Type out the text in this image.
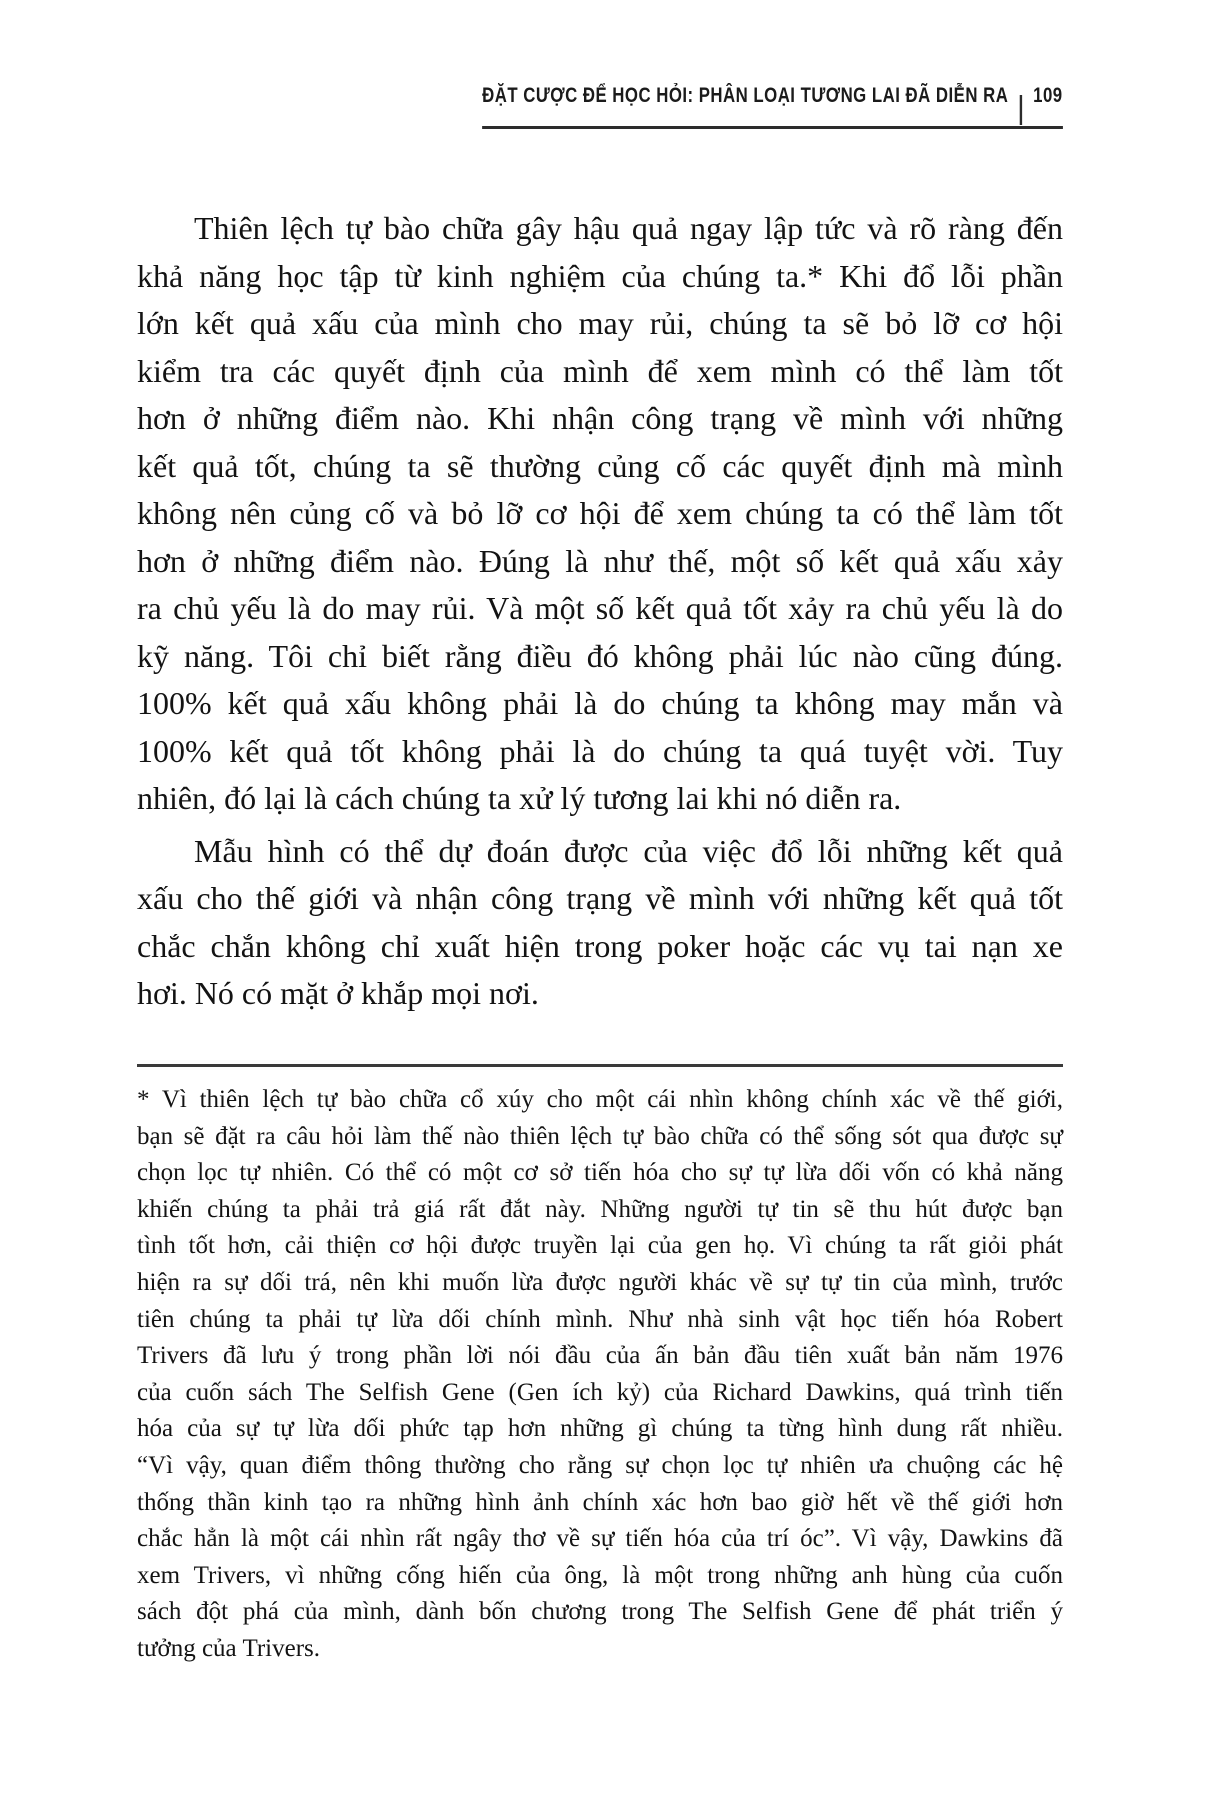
ĐẶT CƯỢC ĐỂ HỌC HỎI: PHÂN LOẠI TƯƠNG LAI ĐÃ DIỄN RA 109

Thiên lệch tự bào chữa gây hậu quả ngay lập tức và rõ ràng đến
khả năng học tập từ kinh nghiệm của chúng ta.* Khi đổ lỗi phần
lớn kết quả xấu của mình cho may rủi, chúng ta sẽ bỏ lỡ cơ hội
kiểm tra các quyết định của mình để xem mình có thể làm tốt
hơn ở những điểm nào. Khi nhận công trạng về mình với những
kết quả tốt, chúng ta sẽ thường củng cố các quyết định mà mình
không nên củng cố và bỏ lỡ cơ hội để xem chúng ta có thể làm tốt
hơn ở những điểm nào. Đúng là như thế, một số kết quả xấu xảy
ra chủ yếu là do may rủi. Và một số kết quả tốt xảy ra chủ yếu là do
kỹ năng. Tôi chỉ biết rằng điều đó không phải lúc nào cũng đúng.
100% kết quả xấu không phải là do chúng ta không may mắn và
100% kết quả tốt không phải là do chúng ta quá tuyệt vời. Tuy
nhiên, đó lại là cách chúng ta xử lý tương lai khi nó diễn ra.

Mẫu hình có thể dự đoán được của việc đổ lỗi những kết quả
xấu cho thế giới và nhận công trạng về mình với những kết quả tốt
chắc chắn không chỉ xuất hiện trong poker hoặc các vụ tai nạn xe
hơi. Nó có mặt ở khắp mọi nơi.

* Vì thiên lệch tự bào chữa cổ xúy cho một cái nhìn không chính xác về thế giới,
bạn sẽ đặt ra câu hỏi làm thế nào thiên lệch tự bào chữa có thể sống sót qua được sự
chọn lọc tự nhiên. Có thể có một cơ sở tiến hóa cho sự tự lừa dối vốn có khả năng
khiến chúng ta phải trả giá rất đắt này. Những người tự tin sẽ thu hút được bạn
tình tốt hơn, cải thiện cơ hội được truyền lại của gen họ. Vì chúng ta rất giỏi phát
hiện ra sự dối trá, nên khi muốn lừa được người khác về sự tự tin của mình, trước
tiên chúng ta phải tự lừa dối chính mình. Như nhà sinh vật học tiến hóa Robert
Trivers đã lưu ý trong phần lời nói đầu của ấn bản đầu tiên xuất bản năm 1976
của cuốn sách The Selfish Gene (Gen ích kỷ) của Richard Dawkins, quá trình tiến
hóa của sự tự lừa dối phức tạp hơn những gì chúng ta từng hình dung rất nhiều.
“Vì vậy, quan điểm thông thường cho rằng sự chọn lọc tự nhiên ưa chuộng các hệ
thống thần kinh tạo ra những hình ảnh chính xác hơn bao giờ hết về thế giới hơn
chắc hẳn là một cái nhìn rất ngây thơ về sự tiến hóa của trí óc”. Vì vậy, Dawkins đã
xem Trivers, vì những cống hiến của ông, là một trong những anh hùng của cuốn
sách đột phá của mình, dành bốn chương trong The Selfish Gene để phát triển ý
tưởng của Trivers.
